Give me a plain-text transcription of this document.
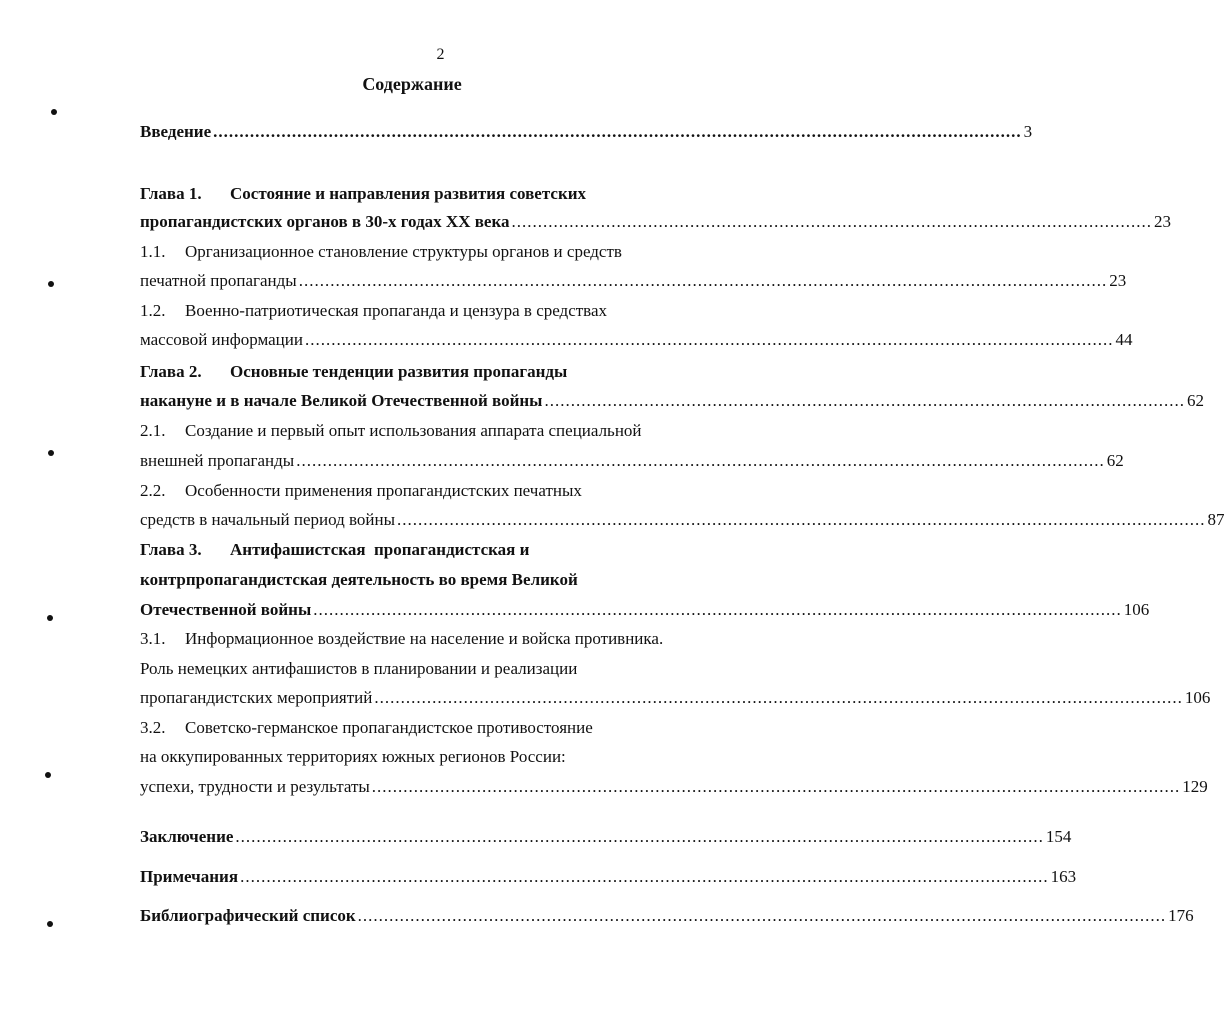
2
Содержание
Введение .......................................................................................................................................................... 3
Глава 1. Состояние и направления развития советских
пропагандистских органов в 30-х годах XX века .......................................................................................................................... 23
1.1. Организационное становление структуры органов и средств
печатной пропаганды .......................................................................................................................................................... 23
1.2. Военно-патриотическая пропаганда и цензура в средствах
массовой информации .......................................................................................................................................................... 44
Глава 2. Основные тенденции развития пропаганды
накануне и в начале Великой Отечественной войны .......................................................................................................................... 62
2.1. Создание и первый опыт использования аппарата специальной
внешней пропаганды .......................................................................................................................................................... 62
2.2. Особенности применения пропагандистских печатных
средств в начальный период войны .......................................................................................................................................................... 87
Глава 3. Антифашистская  пропагандистская и
контрпропагандистская деятельность во время Великой
Отечественной войны .......................................................................................................................................................... 106
3.1. Информационное воздействие на население и войска противника.
Роль немецких антифашистов в планировании и реализации
пропагандистских мероприятий .......................................................................................................................................................... 106
3.2. Советско-германское пропагандистское противостояние
на оккупированных территориях южных регионов России:
успехи, трудности и результаты .......................................................................................................................................................... 129
Заключение .......................................................................................................................................................... 154
Примечания .......................................................................................................................................................... 163
Библиографический список .......................................................................................................................................................... 176
